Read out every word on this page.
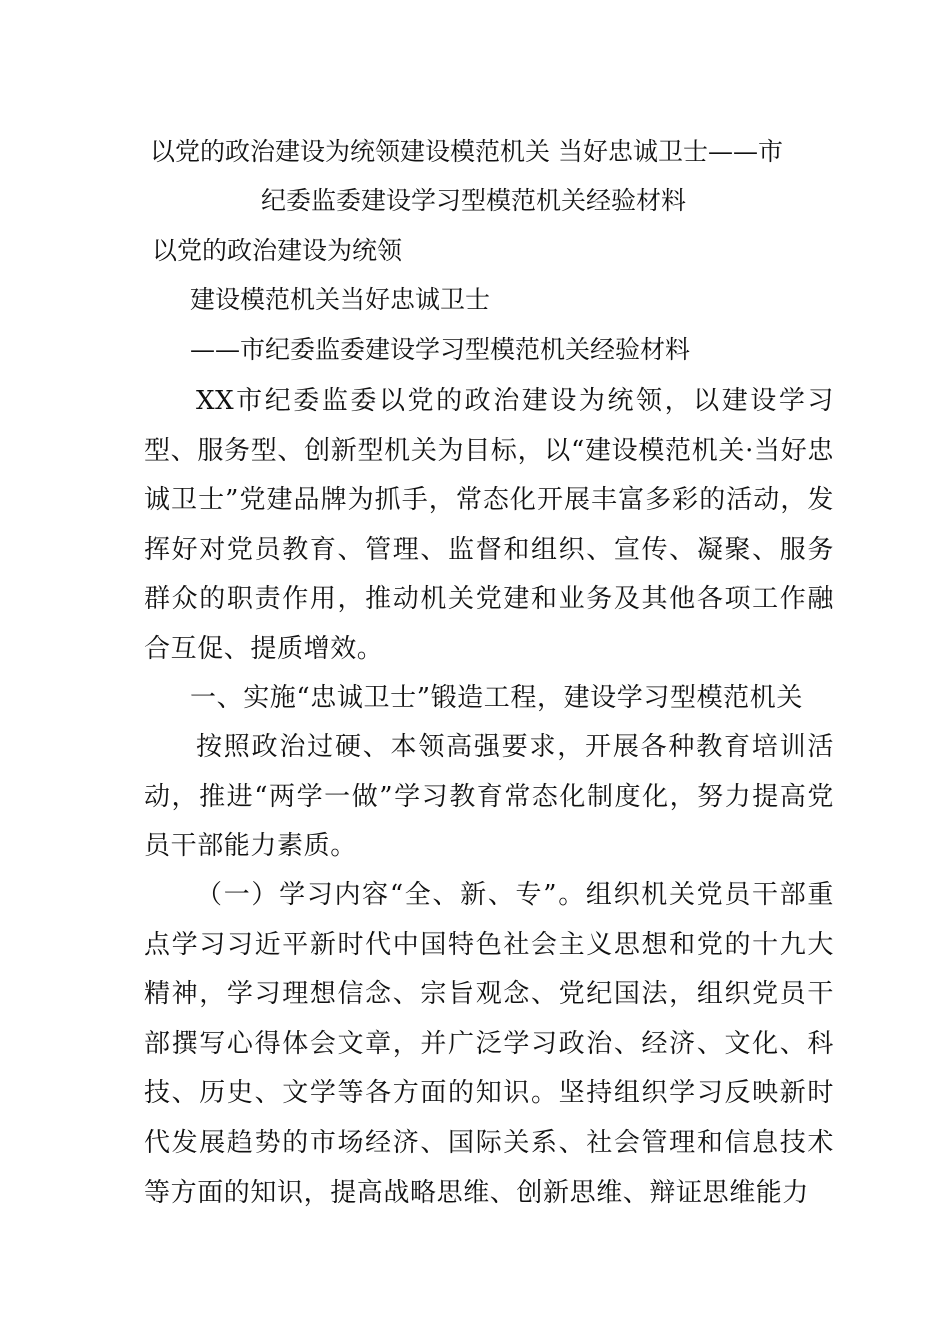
以党的政治建设为统领建设模范机关 当好忠诚卫士——市
纪委监委建设学习型模范机关经验材料
以党的政治建设为统领
建设模范机关当好忠诚卫士
——市纪委监委建设学习型模范机关经验材料

XX市纪委监委以党的政治建设为统领，以建设学习型、服务型、创新型机关为目标，以“建设模范机关·当好忠诚卫士”党建品牌为抓手，常态化开展丰富多彩的活动，发挥好对党员教育、管理、监督和组织、宣传、凝聚、服务群众的职责作用，推动机关党建和业务及其他各项工作融合互促、提质增效。

一、实施“忠诚卫士”锻造工程，建设学习型模范机关

按照政治过硬、本领高强要求，开展各种教育培训活动，推进“两学一做”学习教育常态化制度化，努力提高党员干部能力素质。

（一）学习内容“全、新、专”。组织机关党员干部重点学习习近平新时代中国特色社会主义思想和党的十九大精神，学习理想信念、宗旨观念、党纪国法，组织党员干部撰写心得体会文章，并广泛学习政治、经济、文化、科技、历史、文学等各方面的知识。坚持组织学习反映新时代发展趋势的市场经济、国际关系、社会管理和信息技术等方面的知识，提高战略思维、创新思维、辩证思维能力
